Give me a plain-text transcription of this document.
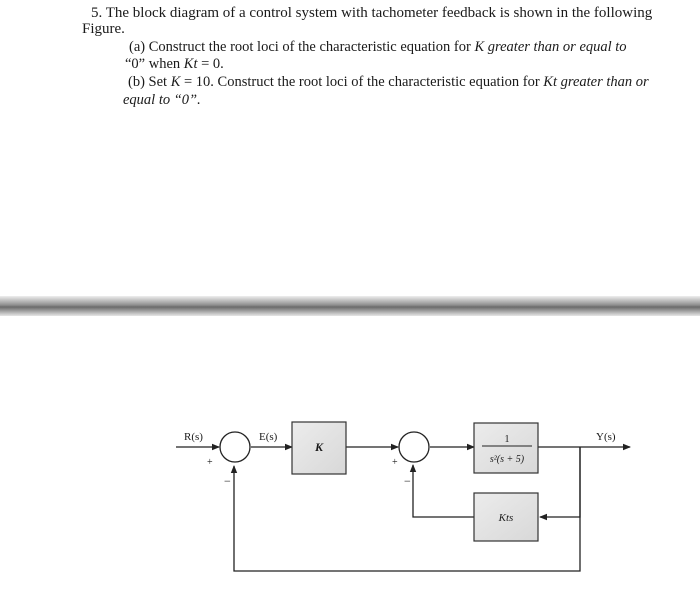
5. The block diagram of a control system with tachometer feedback is shown in the following
Figure.
(a) Construct the root loci of the characteristic equation for K greater than or equal to
“0” when Kt = 0.
(b) Set K = 10. Construct the root loci of the characteristic equation for Kt greater than or
equal to “0”.
R(s)	E(s)	Y(s)
+
−
+
−
K
1
s²(s + 5)
Kts
